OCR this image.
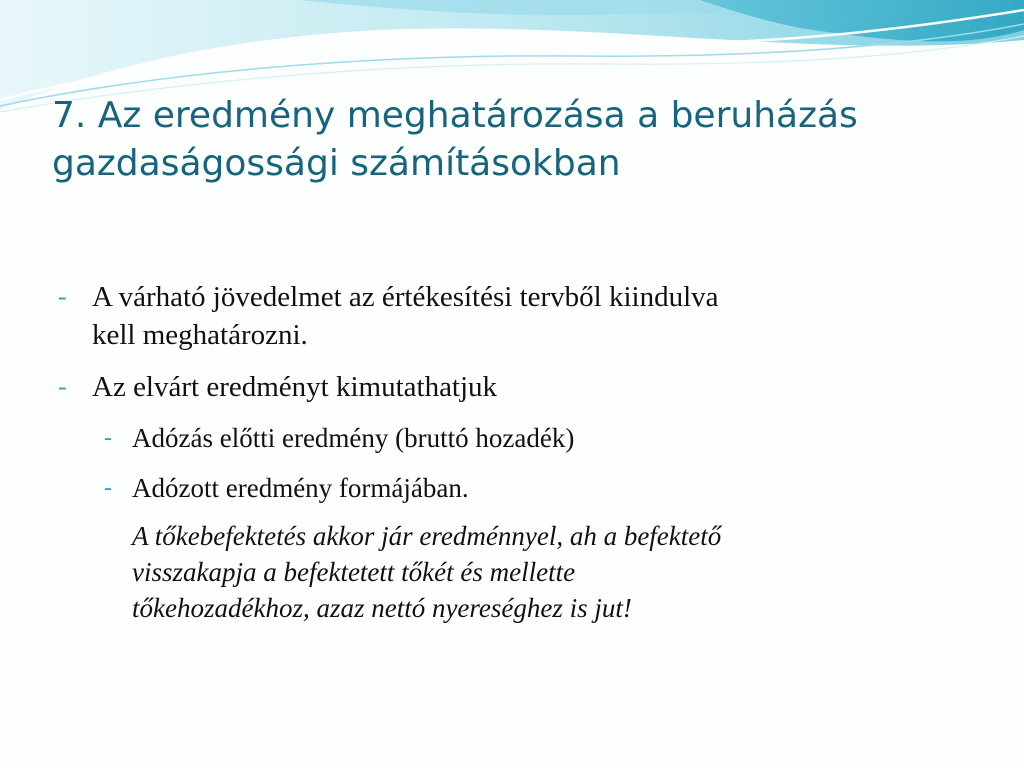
7. Az eredmény meghatározása a beruházás
gazdaságossági számításokban
- A várható jövedelmet az értékesítési tervből kiindulva
kell meghatározni.
- Az elvárt eredményt kimutathatjuk
- Adózás előtti eredmény (bruttó hozadék)
- Adózott eredmény formájában.
A tőkebefektetés akkor jár eredménnyel, ah a befektető
visszakapja a befektetett tőkét és mellette
tőkehozadékhoz, azaz nettó nyereséghez is jut!
